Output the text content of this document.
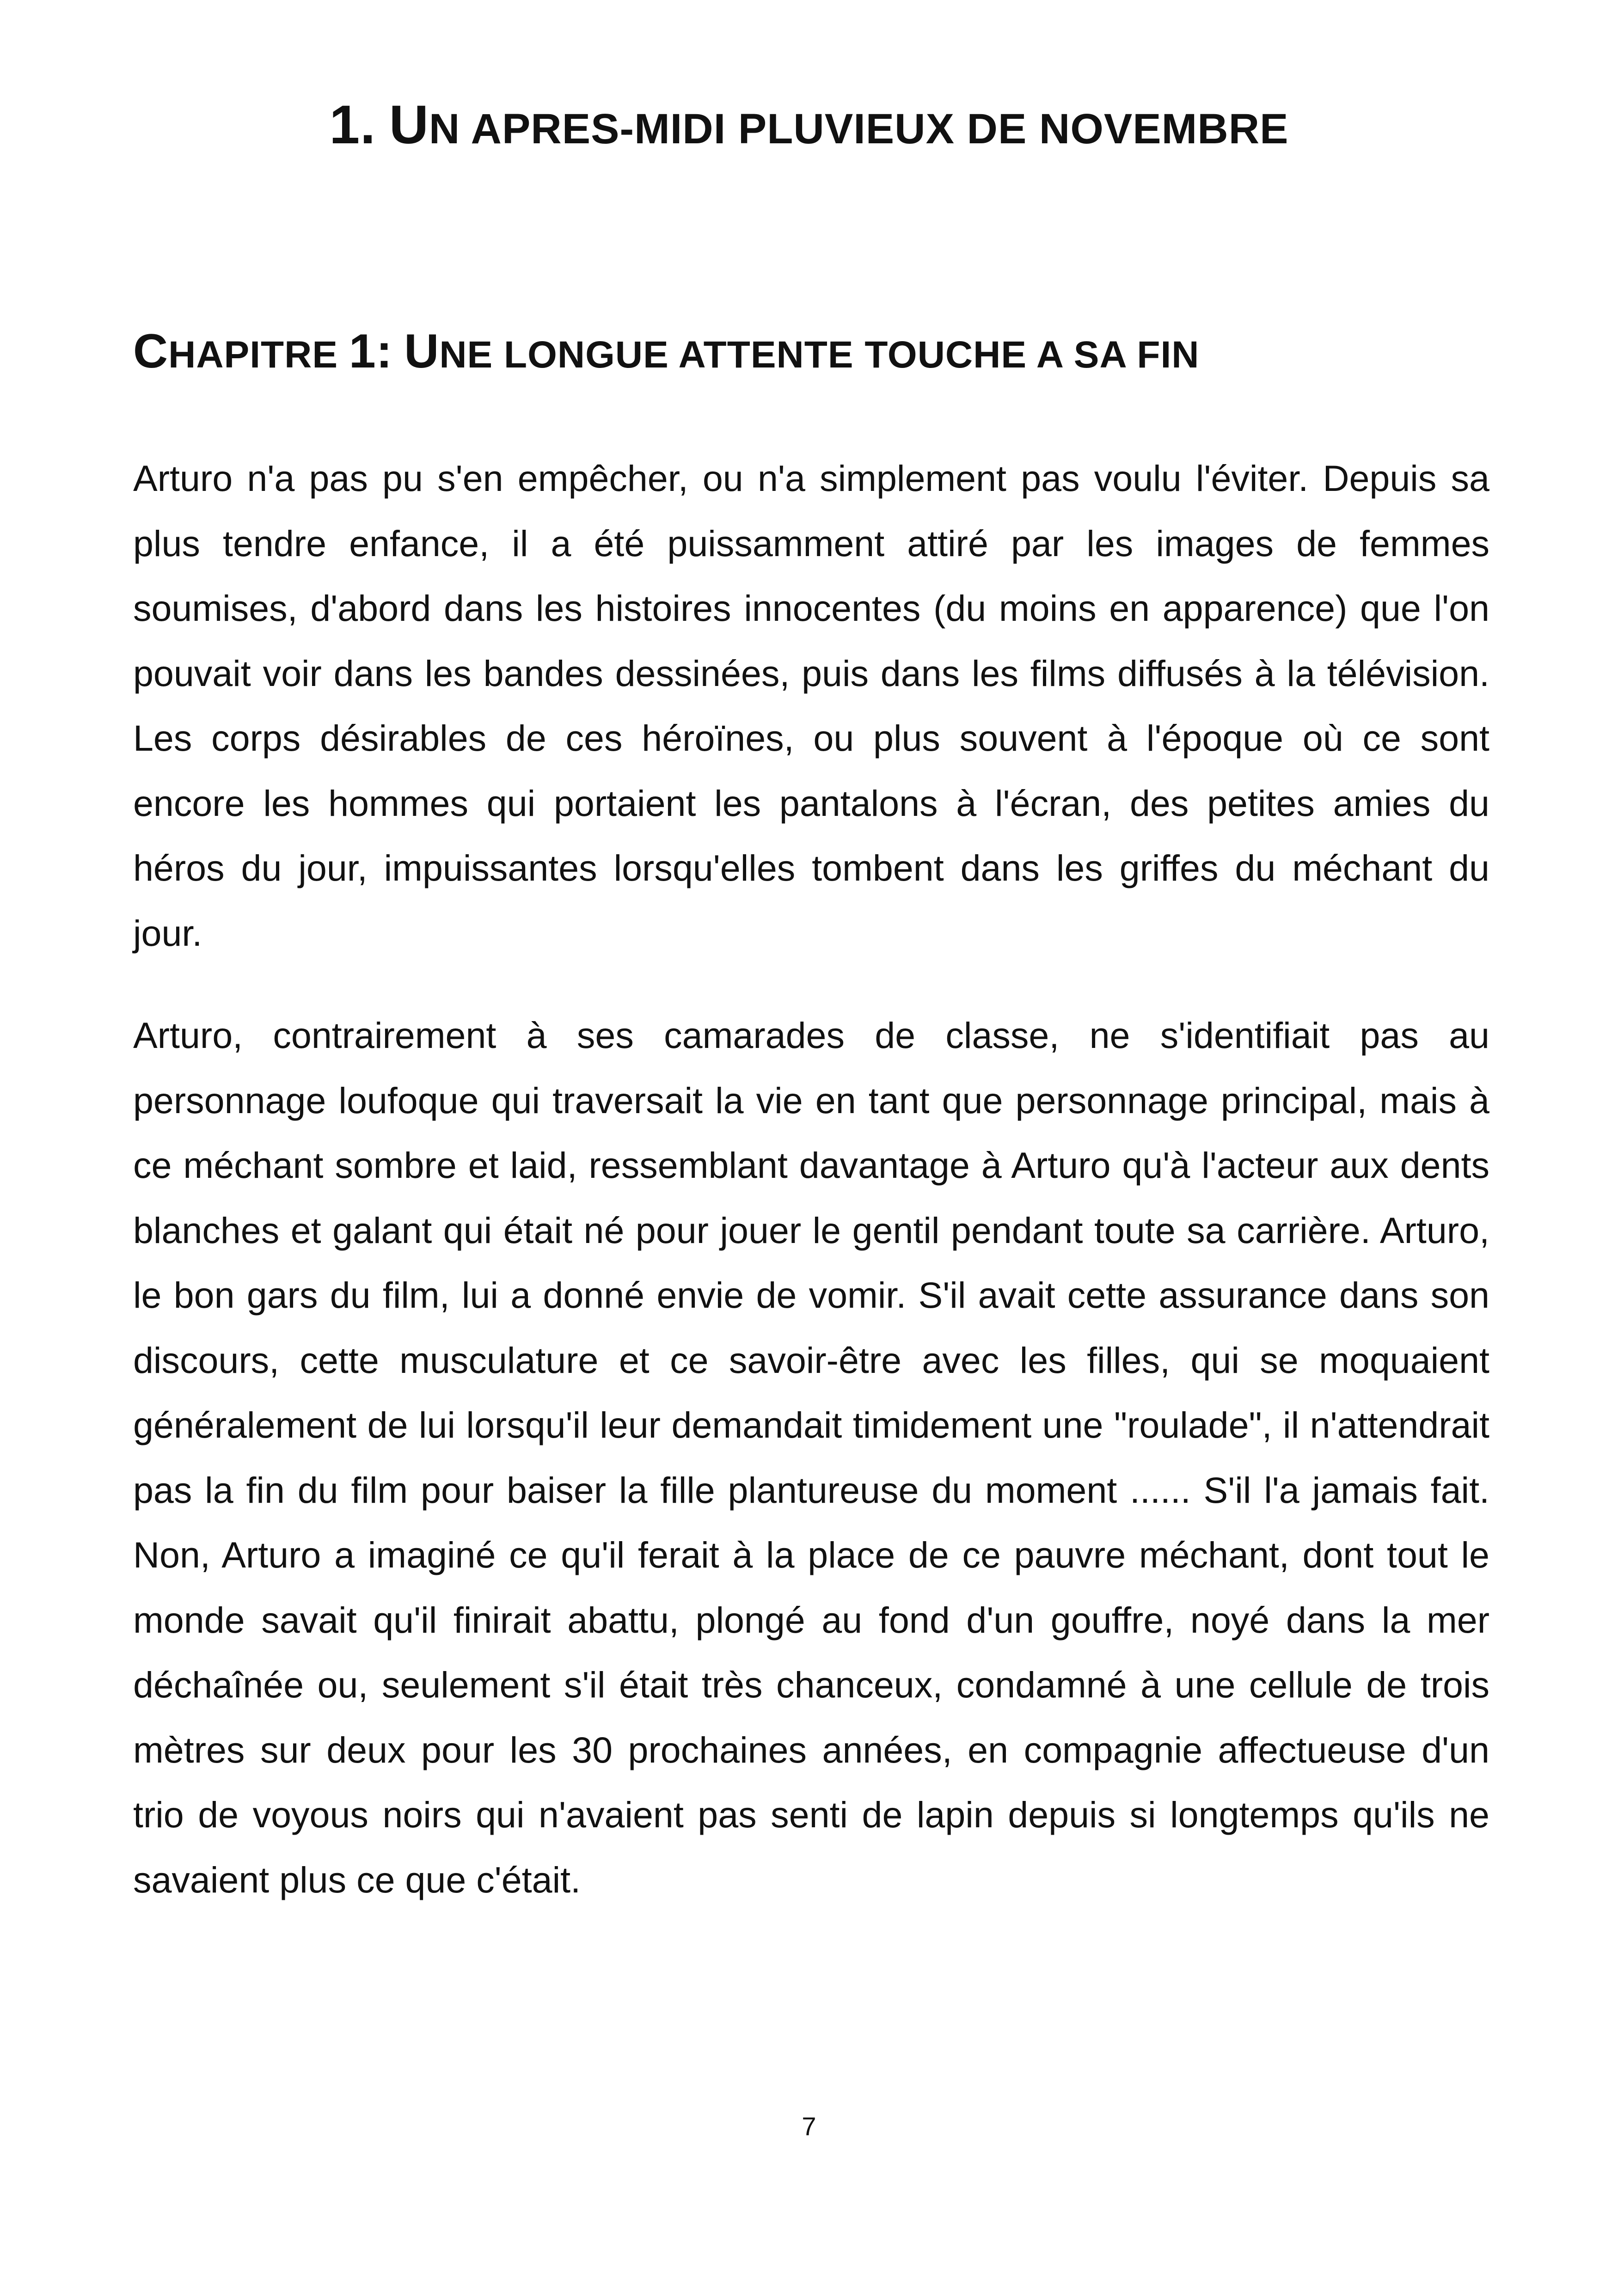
1. UN APRES-MIDI PLUVIEUX DE NOVEMBRE
CHAPITRE 1: UNE LONGUE ATTENTE TOUCHE A SA FIN

Arturo n'a pas pu s'en empêcher, ou n'a simplement pas voulu l'éviter. Depuis sa plus tendre enfance, il a été puissamment attiré par les images de femmes soumises, d'abord dans les histoires innocentes (du moins en apparence) que l'on pouvait voir dans les bandes dessinées, puis dans les films diffusés à la télévision. Les corps désirables de ces héroïnes, ou plus souvent à l'époque où ce sont encore les hommes qui portaient les pantalons à l'écran, des petites amies du héros du jour, impuissantes lorsqu'elles tombent dans les griffes du méchant du jour.

Arturo, contrairement à ses camarades de classe, ne s'identifiait pas au personnage loufoque qui traversait la vie en tant que personnage principal, mais à ce méchant sombre et laid, ressemblant davantage à Arturo qu'à l'acteur aux dents blanches et galant qui était né pour jouer le gentil pendant toute sa carrière. Arturo, le bon gars du film, lui a donné envie de vomir. S'il avait cette assurance dans son discours, cette musculature et ce savoir-être avec les filles, qui se moquaient généralement de lui lorsqu'il leur demandait timidement une "roulade", il n'attendrait pas la fin du film pour baiser la fille plantureuse du moment ...... S'il l'a jamais fait. Non, Arturo a imaginé ce qu'il ferait à la place de ce pauvre méchant, dont tout le monde savait qu'il finirait abattu, plongé au fond d'un gouffre, noyé dans la mer déchaînée ou, seulement s'il était très chanceux, condamné à une cellule de trois mètres sur deux pour les 30 prochaines années, en compagnie affectueuse d'un trio de voyous noirs qui n'avaient pas senti de lapin depuis si longtemps qu'ils ne savaient plus ce que c'était.

7
